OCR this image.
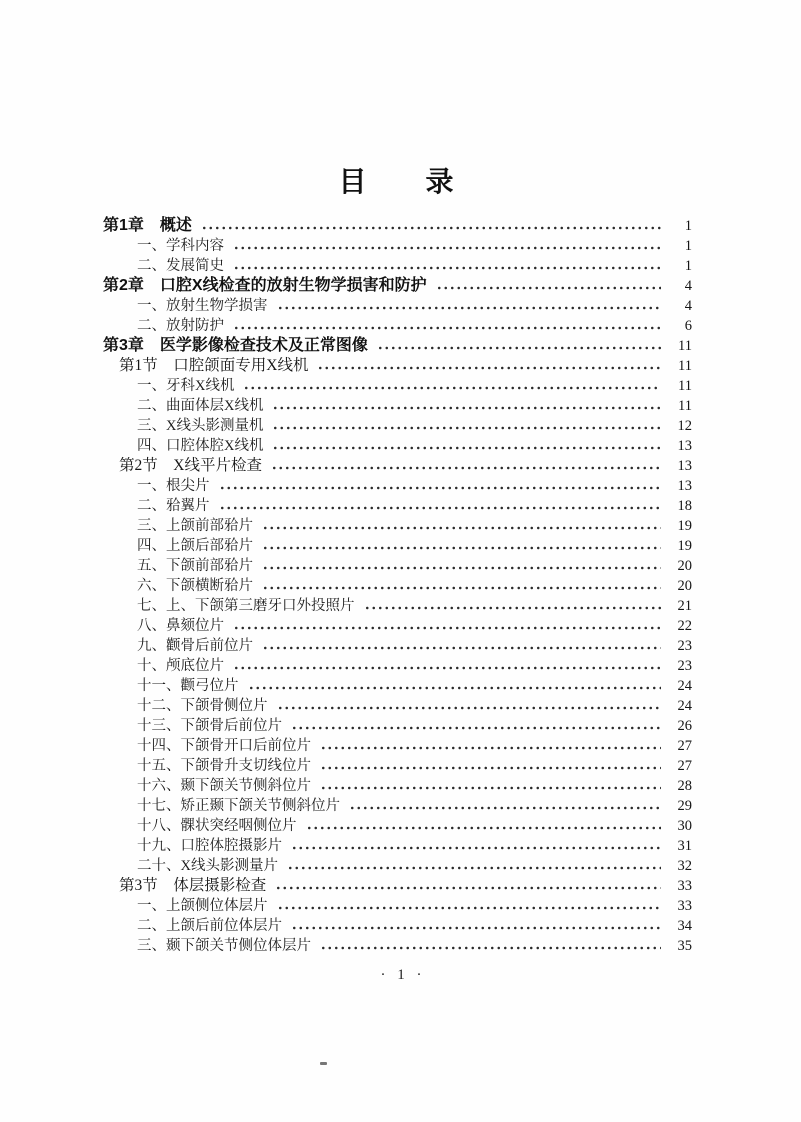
目　　录
第1章　概述	1
一、学科内容	1
二、发展简史	1
第2章　口腔X线检查的放射生物学损害和防护	4
一、放射生物学损害	4
二、放射防护	6
第3章　医学影像检查技术及正常图像	11
第1节　口腔颌面专用X线机	11
一、牙科X线机	11
二、曲面体层X线机	11
三、X线头影测量机	12
四、口腔体腔X线机	13
第2节　X线平片检查	13
一、根尖片	13
二、𬌗翼片	18
三、上颌前部𬌗片	19
四、上颌后部𬌗片	19
五、下颌前部𬌗片	20
六、下颌横断𬌗片	20
七、上、下颌第三磨牙口外投照片	21
八、鼻颏位片	22
九、颧骨后前位片	23
十、颅底位片	23
十一、颧弓位片	24
十二、下颌骨侧位片	24
十三、下颌骨后前位片	26
十四、下颌骨开口后前位片	27
十五、下颌骨升支切线位片	27
十六、颞下颌关节侧斜位片	28
十七、矫正颞下颌关节侧斜位片	29
十八、髁状突经咽侧位片	30
十九、口腔体腔摄影片	31
二十、X线头影测量片	32
第3节　体层摄影检查	33
一、上颌侧位体层片	33
二、上颌后前位体层片	34
三、颞下颌关节侧位体层片	35
· 1 ·
